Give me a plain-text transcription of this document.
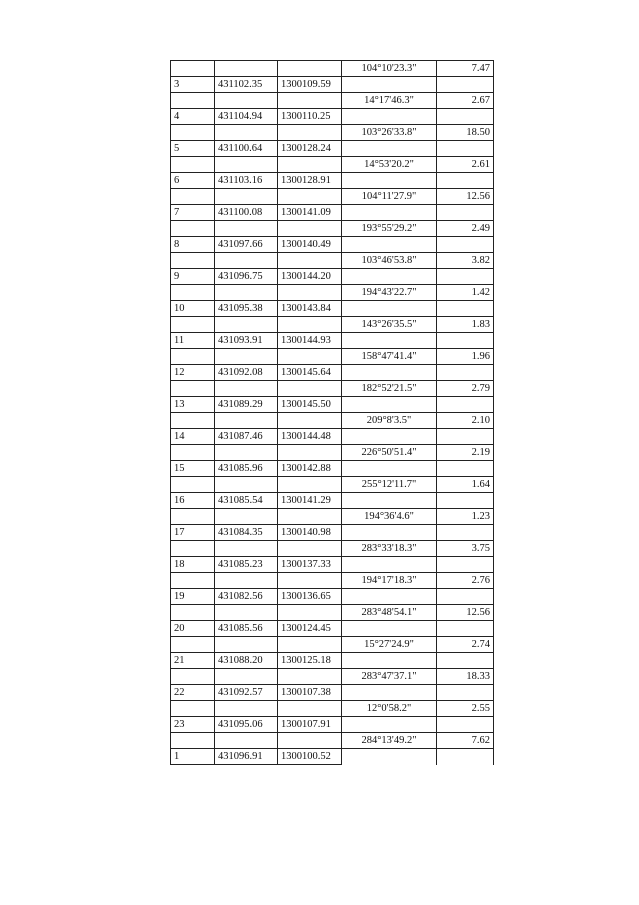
			104°10'23.3"	7.47
3	431102.35	1300109.59		
			14°17'46.3"	2.67
4	431104.94	1300110.25		
			103°26'33.8"	18.50
5	431100.64	1300128.24		
			14°53'20.2"	2.61
6	431103.16	1300128.91		
			104°11'27.9"	12.56
7	431100.08	1300141.09		
			193°55'29.2"	2.49
8	431097.66	1300140.49		
			103°46'53.8"	3.82
9	431096.75	1300144.20		
			194°43'22.7"	1.42
10	431095.38	1300143.84		
			143°26'35.5"	1.83
11	431093.91	1300144.93		
			158°47'41.4"	1.96
12	431092.08	1300145.64		
			182°52'21.5"	2.79
13	431089.29	1300145.50		
			209°8'3.5"	2.10
14	431087.46	1300144.48		
			226°50'51.4"	2.19
15	431085.96	1300142.88		
			255°12'11.7"	1.64
16	431085.54	1300141.29		
			194°36'4.6"	1.23
17	431084.35	1300140.98		
			283°33'18.3"	3.75
18	431085.23	1300137.33		
			194°17'18.3"	2.76
19	431082.56	1300136.65		
			283°48'54.1"	12.56
20	431085.56	1300124.45		
			15°27'24.9"	2.74
21	431088.20	1300125.18		
			283°47'37.1"	18.33
22	431092.57	1300107.38		
			12°0'58.2"	2.55
23	431095.06	1300107.91		
			284°13'49.2"	7.62
1	431096.91	1300100.52		
